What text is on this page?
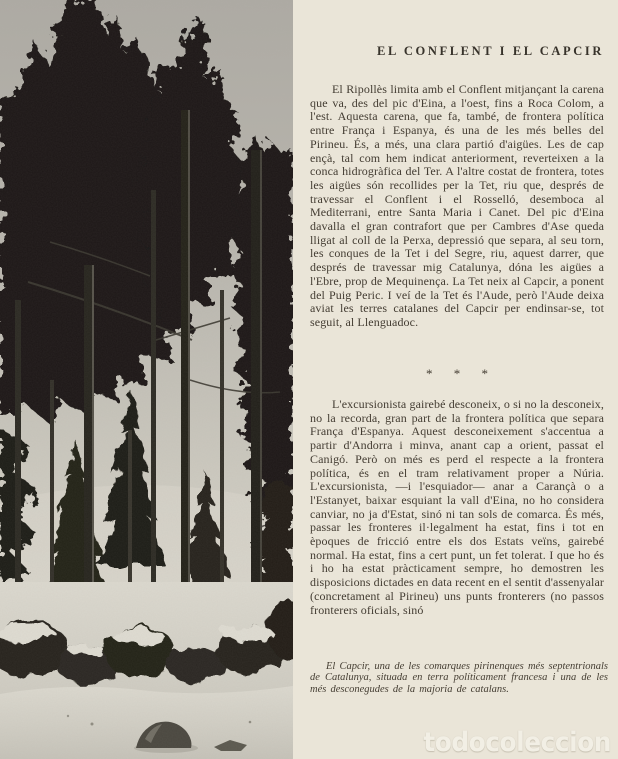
EL CONFLENT I EL CAPCIR

El Ripollès limita amb el Conflent mitjançant la carena que va, des del pic d'Eina, a l'oest, fins a Roca Colom, a l'est. Aquesta carena, que fa, també, de frontera política entre França i Espanya, és una de les més belles del Pirineu. És, a més, una clara partió d'aigües. Les de cap ençà, tal com hem indicat anteriorment, reverteixen a la conca hidrogràfica del Ter. A l'altre costat de frontera, totes les aigües són recollides per la Tet, riu que, després de travessar el Conflent i el Rosselló, desemboca al Mediterrani, entre Santa Maria i Canet. Del pic d'Eina davalla el gran contrafort que per Cambres d'Ase queda lligat al coll de la Perxa, depressió que separa, al seu torn, les conques de la Tet i del Segre, riu, aquest darrer, que després de travessar mig Catalunya, dóna les aigües a l'Ebre, prop de Mequinença. La Tet neix al Capcir, a ponent del Puig Peric. I veí de la Tet és l'Aude, però l'Aude deixa aviat les terres catalanes del Capcir per endinsar-se, tot seguit, al Llenguadoc.

* * *

L'excursionista gairebé desconeix, o si no la desconeix, no la recorda, gran part de la frontera política que separa França d'Espanya. Aquest desconeixement s'accentua a partir d'Andorra i minva, anant cap a orient, passat el Canigó. Però on més es perd el respecte a la frontera política, és en el tram relativament proper a Núria. L'excursionista, —i l'esquiador— anar a Carançà o a l'Estanyet, baixar esquiant la vall d'Eina, no ho considera canviar, no ja d'Estat, sinó ni tan sols de comarca. És més, passar les fronteres il·legalment ha estat, fins i tot en èpoques de fricció entre els dos Estats veïns, gairebé normal. Ha estat, fins a cert punt, un fet tolerat. I que ho és i ho ha estat pràcticament sempre, ho demostren les disposicions dictades en data recent en el sentit d'assenyalar (concretament al Pirineu) uns punts fronterers (no passos fronterers oficials, sinó

El Capcir, una de les comarques pirinenques més septentrionals de Catalunya, situada en terra políticament francesa i una de les més desconegudes de la majoria de catalans.

todocoleccion
